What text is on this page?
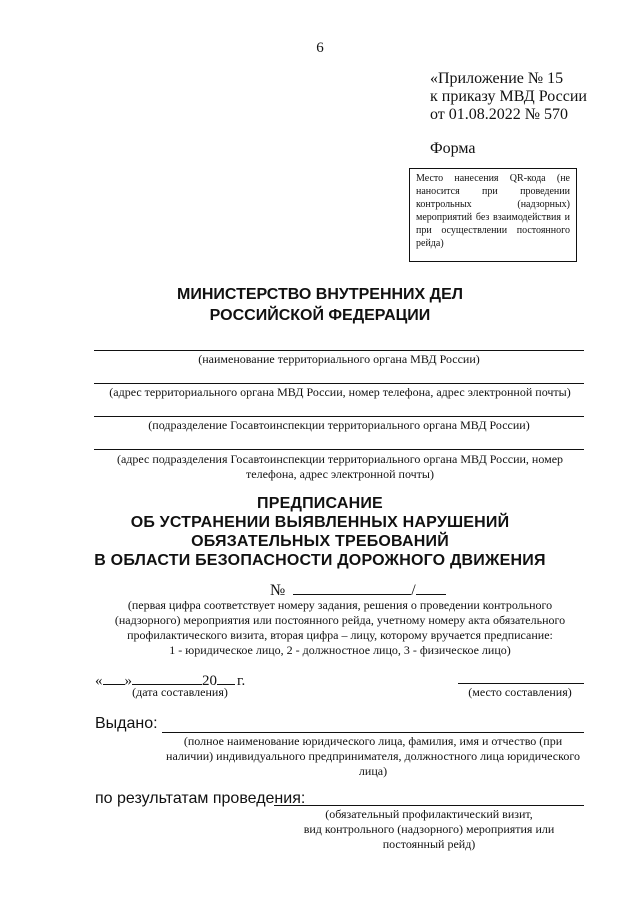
6
«Приложение № 15
к приказу МВД России
от 01.08.2022 № 570
Форма
Место нанесения QR-кода (не наносится при проведении контрольных (надзорных) мероприятий без взаимодействия и при осуществлении постоянного рейда)
МИНИСТЕРСТВО ВНУТРЕННИХ ДЕЛ
РОССИЙСКОЙ ФЕДЕРАЦИИ
(наименование территориального органа МВД России)
(адрес территориального органа МВД России, номер телефона, адрес электронной почты)
(подразделение Госавтоинспекции территориального органа МВД России)
(адрес подразделения Госавтоинспекции территориального органа МВД России, номер
телефона, адрес электронной почты)
ПРЕДПИСАНИЕ
ОБ УСТРАНЕНИИ ВЫЯВЛЕННЫХ НАРУШЕНИЙ
ОБЯЗАТЕЛЬНЫХ ТРЕБОВАНИЙ
В ОБЛАСТИ БЕЗОПАСНОСТИ ДОРОЖНОГО ДВИЖЕНИЯ
№	/
(первая цифра соответствует номеру задания, решения о проведении контрольного
(надзорного) мероприятия или постоянного рейда, учетному номеру акта обязательного
профилактического визита, вторая цифра – лицу, которому вручается предписание:
1 - юридическое лицо, 2 - должностное лицо, 3 - физическое лицо)
« »	20 г.
(дата составления)	(место составления)
Выдано:
(полное наименование юридического лица, фамилия, имя и отчество (при
наличии) индивидуального предпринимателя, должностного лица юридического
лица)
по результатам проведения:
(обязательный профилактический визит,
вид контрольного (надзорного) мероприятия или
постоянный рейд)
